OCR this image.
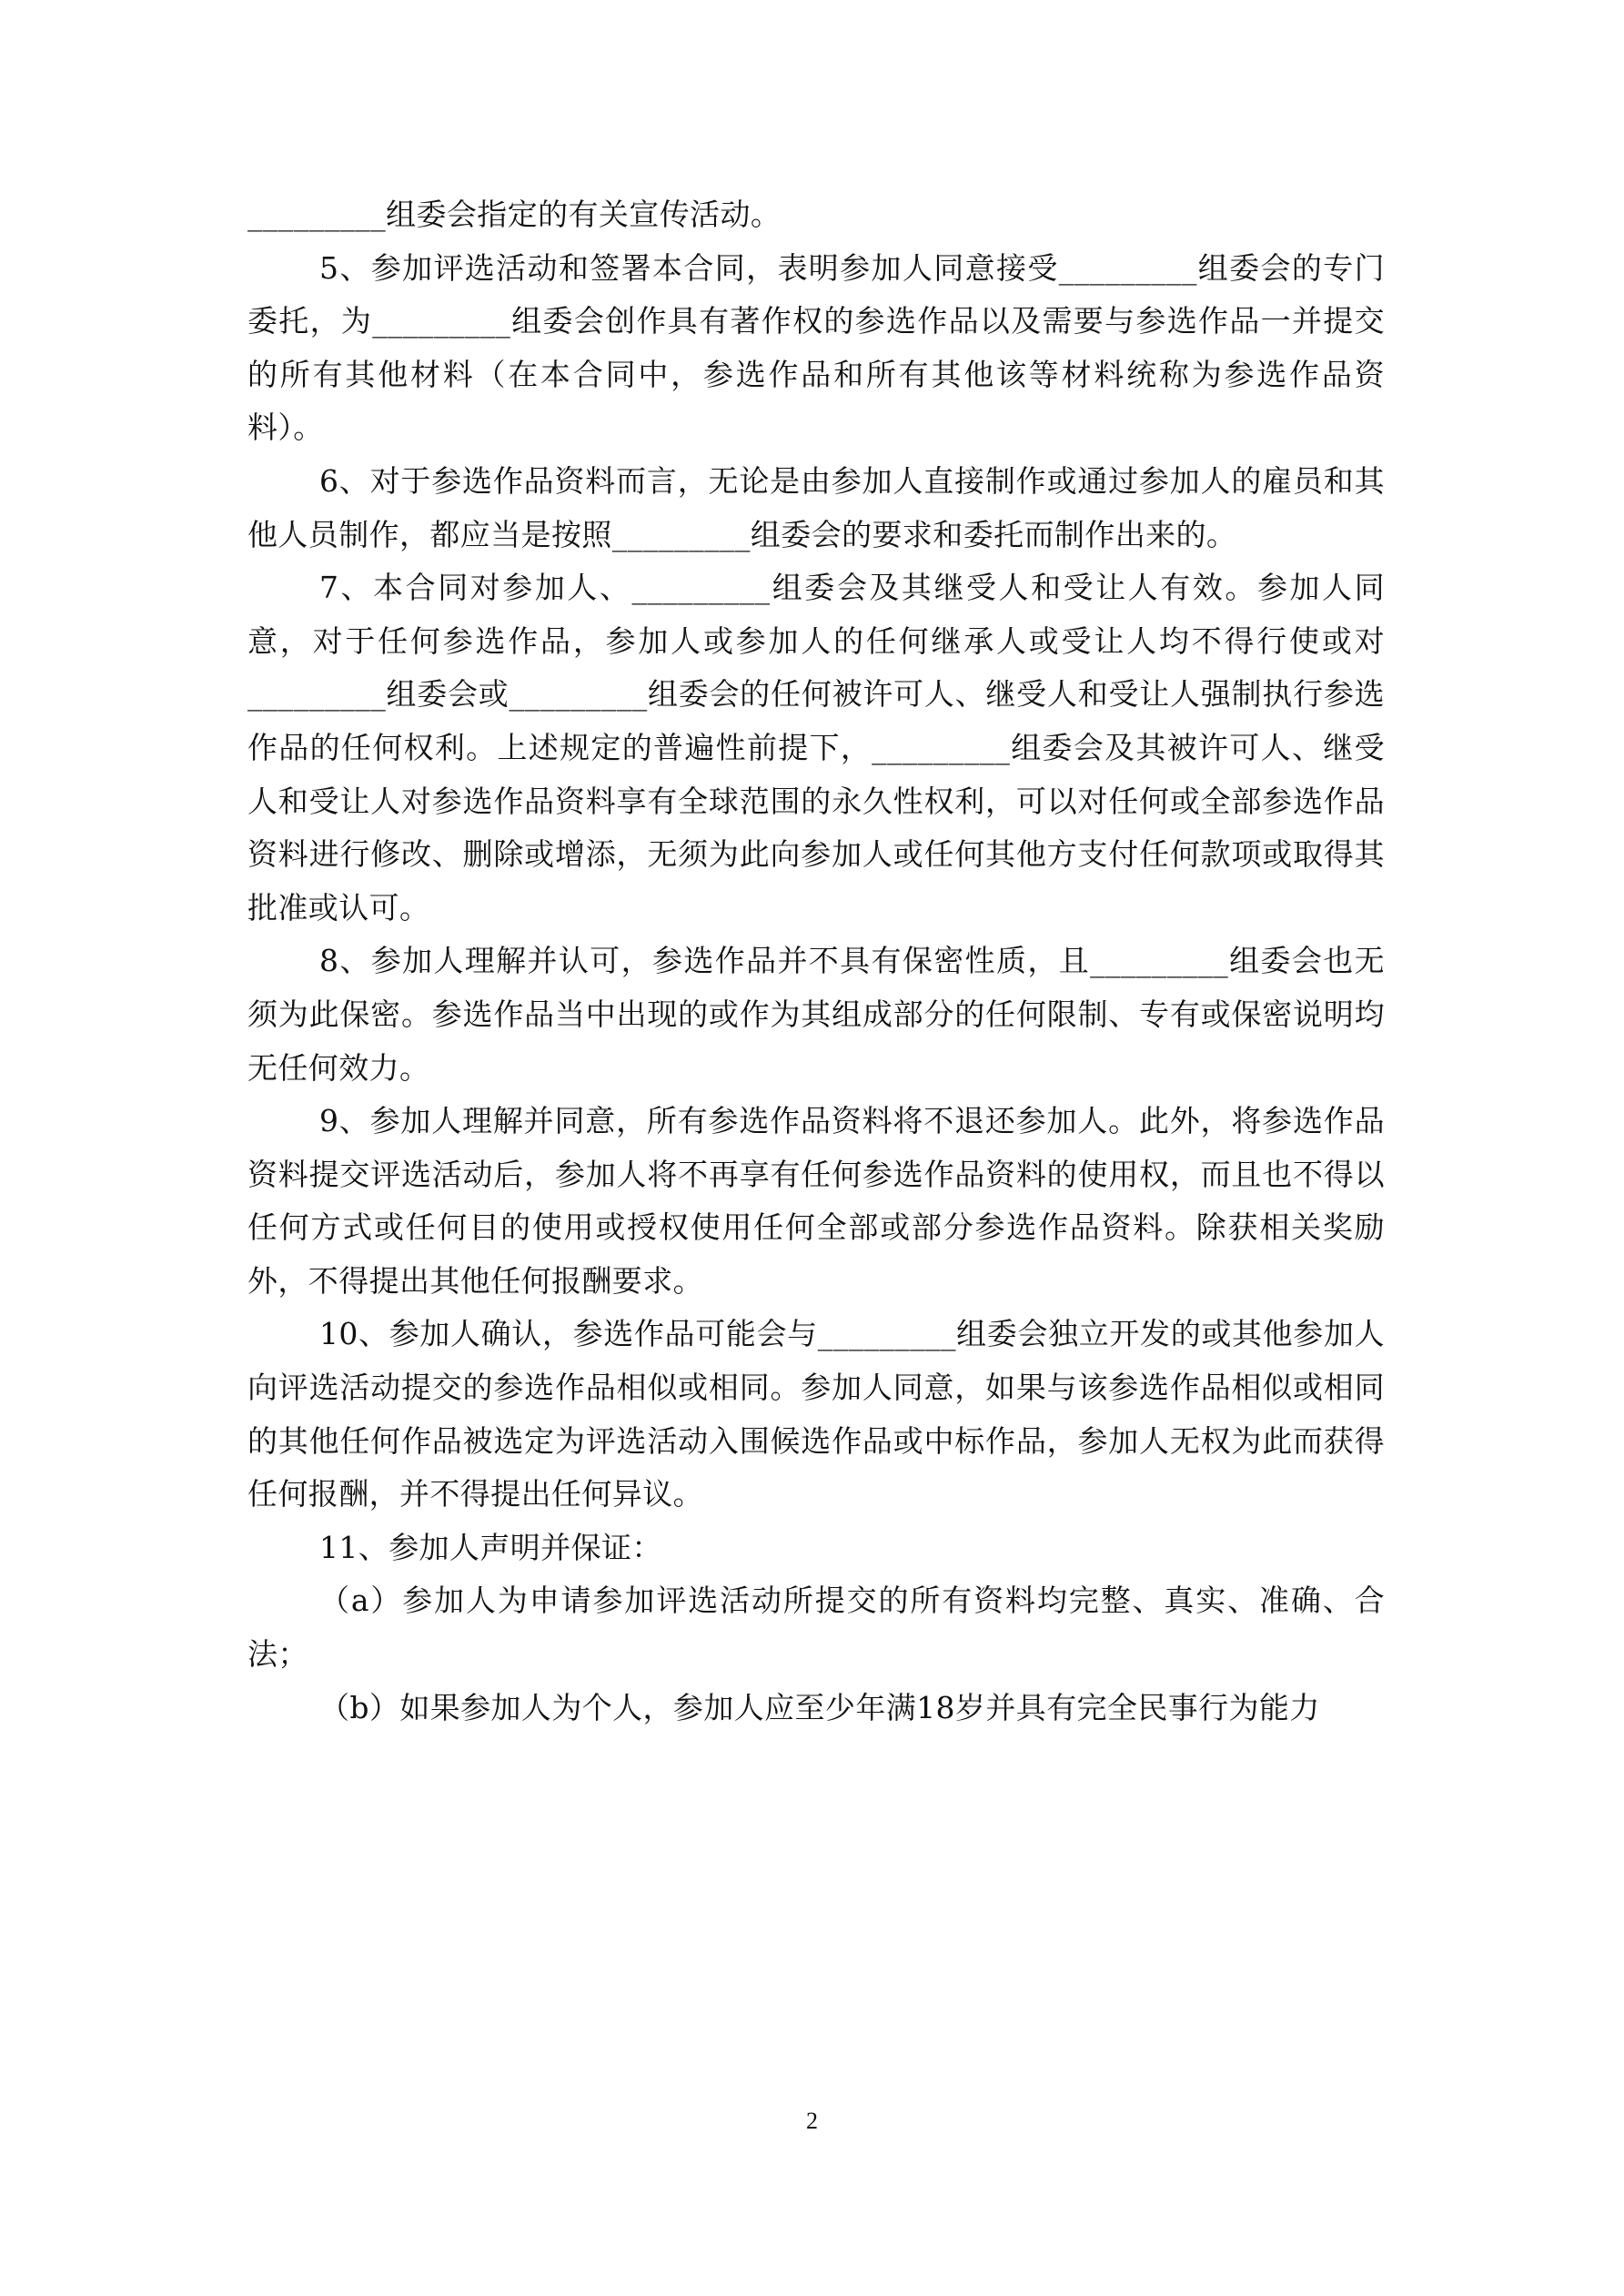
_________组委会指定的有关宣传活动。

5、参加评选活动和签署本合同，表明参加人同意接受_________组委会的专门委托，为_________组委会创作具有著作权的参选作品以及需要与参选作品一并提交的所有其他材料（在本合同中，参选作品和所有其他该等材料统称为参选作品资料）。

6、对于参选作品资料而言，无论是由参加人直接制作或通过参加人的雇员和其他人员制作，都应当是按照_________组委会的要求和委托而制作出来的。

7、本合同对参加人、_________组委会及其继受人和受让人有效。参加人同意，对于任何参选作品，参加人或参加人的任何继承人或受让人均不得行使或对_________组委会或_________组委会的任何被许可人、继受人和受让人强制执行参选作品的任何权利。上述规定的普遍性前提下，_________组委会及其被许可人、继受人和受让人对参选作品资料享有全球范围的永久性权利，可以对任何或全部参选作品资料进行修改、删除或增添，无须为此向参加人或任何其他方支付任何款项或取得其批准或认可。

8、参加人理解并认可，参选作品并不具有保密性质，且_________组委会也无须为此保密。参选作品当中出现的或作为其组成部分的任何限制、专有或保密说明均无任何效力。

9、参加人理解并同意，所有参选作品资料将不退还参加人。此外，将参选作品资料提交评选活动后，参加人将不再享有任何参选作品资料的使用权，而且也不得以任何方式或任何目的使用或授权使用任何全部或部分参选作品资料。除获相关奖励外，不得提出其他任何报酬要求。

10、参加人确认，参选作品可能会与_________组委会独立开发的或其他参加人向评选活动提交的参选作品相似或相同。参加人同意，如果与该参选作品相似或相同的其他任何作品被选定为评选活动入围候选作品或中标作品，参加人无权为此而获得任何报酬，并不得提出任何异议。

11、参加人声明并保证：

（a）参加人为申请参加评选活动所提交的所有资料均完整、真实、准确、合法；

（b）如果参加人为个人，参加人应至少年满18岁并具有完全民事行为能力

2
